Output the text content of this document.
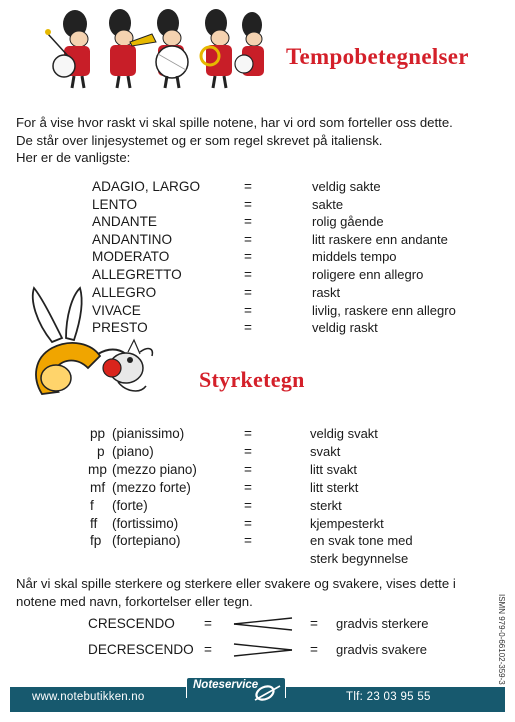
Tempobetegnelser
For å vise hvor raskt vi skal spille notene, har vi ord som forteller oss dette.
De står over linjesystemet og er som regel skrevet på italiensk.
Her er de vanligste:
ADAGIO, LARGO	=	veldig sakte
LENTO	=	sakte
ANDANTE	=	rolig gående
ANDANTINO	=	litt raskere enn andante
MODERATO	=	middels tempo
ALLEGRETTO	=	roligere enn allegro
ALLEGRO	=	raskt
VIVACE	=	livlig, raskere enn allegro
PRESTO	=	veldig raskt
Styrketegn
pp (pianissimo)	=	veldig svakt
p (piano)	=	svakt
mp (mezzo piano)	=	litt svakt
mf (mezzo forte)	=	litt sterkt
f (forte)	=	sterkt
ff (fortissimo)	=	kjempesterkt
fp (fortepiano)	=	en svak tone med
sterk begynnelse
Når vi skal spille sterkere og sterkere eller svakere og svakere, vises dette i
notene med navn, forkortelser eller tegn.
CRESCENDO =	= gradvis sterkere
DECRESCENDO =	= gradvis svakere	ISMN 979-0-66102-359-3
www.notebutikken.no
Noteservice
Tlf: 23 03 95 55
